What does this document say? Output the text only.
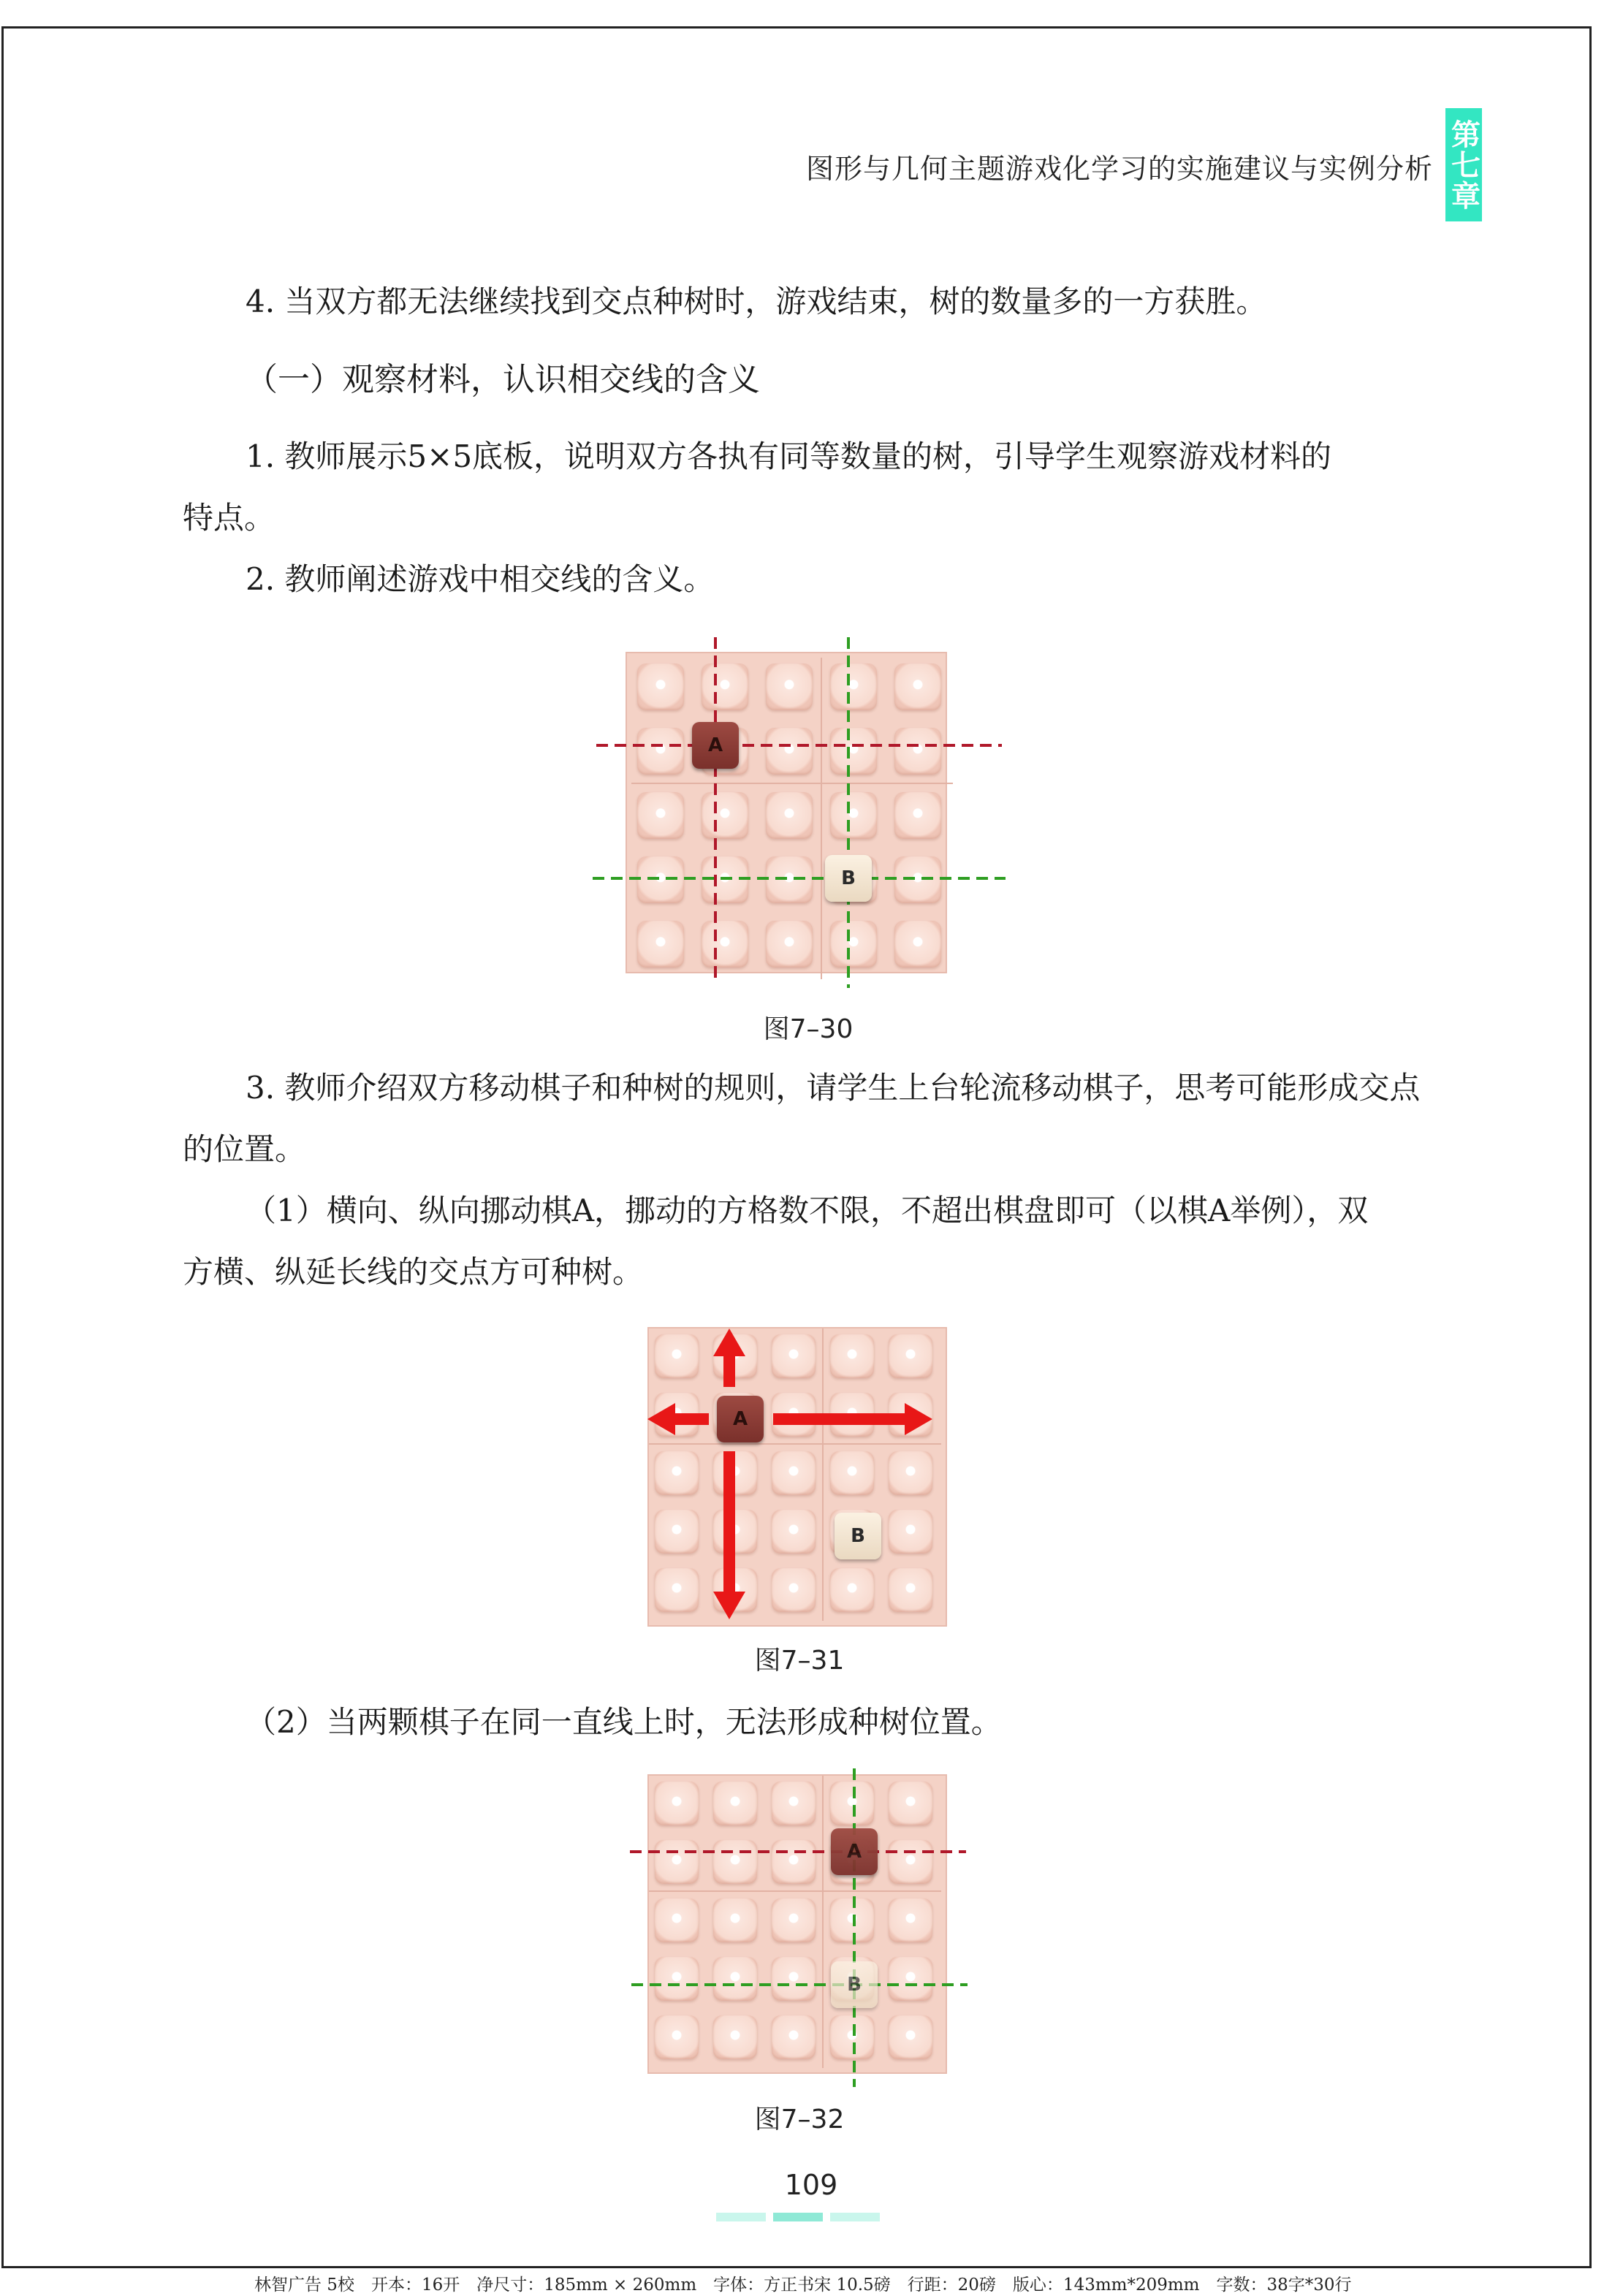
图形与几何主题游戏化学习的实施建议与实例分析 第七章
4. 当双方都无法继续找到交点种树时，游戏结束，树的数量多的一方获胜。
（一）观察材料，认识相交线的含义
1. 教师展示5×5底板，说明双方各执有同等数量的树，引导学生观察游戏材料的
特点。
2. 教师阐述游戏中相交线的含义。
A
B
图7–30
3. 教师介绍双方移动棋子和种树的规则，请学生上台轮流移动棋子，思考可能形成交点
的位置。
（1）横向、纵向挪动棋A，挪动的方格数不限，不超出棋盘即可（以棋A举例），双
方横、纵延长线的交点方可种树。
A
B
图7–31
（2）当两颗棋子在同一直线上时，无法形成种树位置。
A
B
图7–32
109
林智广告 5校　开本：16开　净尺寸：185mm × 260mm　字体：方正书宋 10.5磅　行距：20磅　版心：143mm*209mm　字数：38字*30行
